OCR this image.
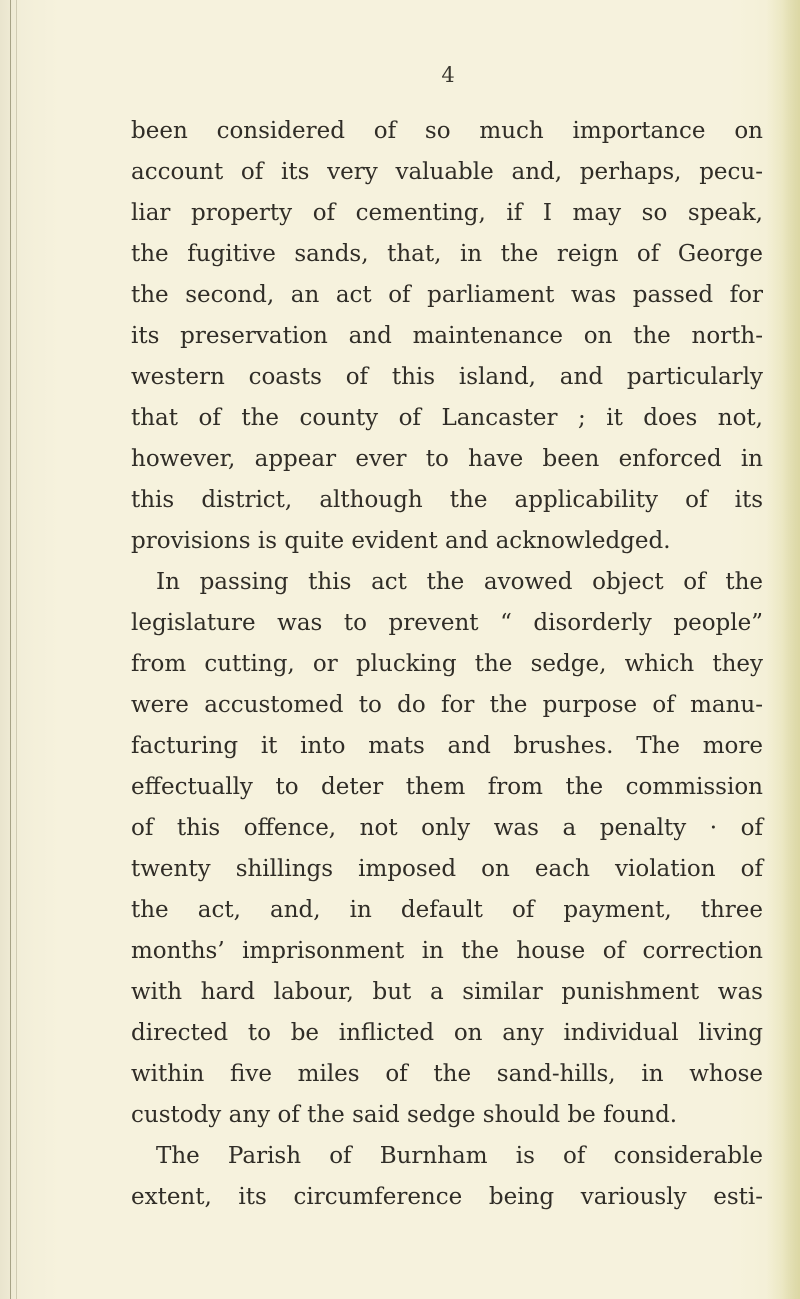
4
been considered of so much importance on
account of its very valuable and, perhaps, pecu-
liar property of cementing, if I may so speak,
the fugitive sands, that, in the reign of George
the second, an act of parliament was passed for
its preservation and maintenance on the north-
western coasts of this island, and particularly
that of the county of Lancaster ; it does not,
however, appear ever to have been enforced in
this district, although the applicability of its
provisions is quite evident and acknowledged.
In passing this act the avowed object of the
legislature was to prevent “ disorderly people”
from cutting, or plucking the sedge, which they
were accustomed to do for the purpose of manu-
facturing it into mats and brushes. The more
effectually to deter them from the commission
of this offence, not only was a penalty · of
twenty shillings imposed on each violation of
the act, and, in default of payment, three
months’ imprisonment in the house of correction
with hard labour, but a similar punishment was
directed to be inflicted on any individual living
within five miles of the sand-hills, in whose
custody any of the said sedge should be found.
The Parish of Burnham is of considerable
extent, its circumference being variously esti-
